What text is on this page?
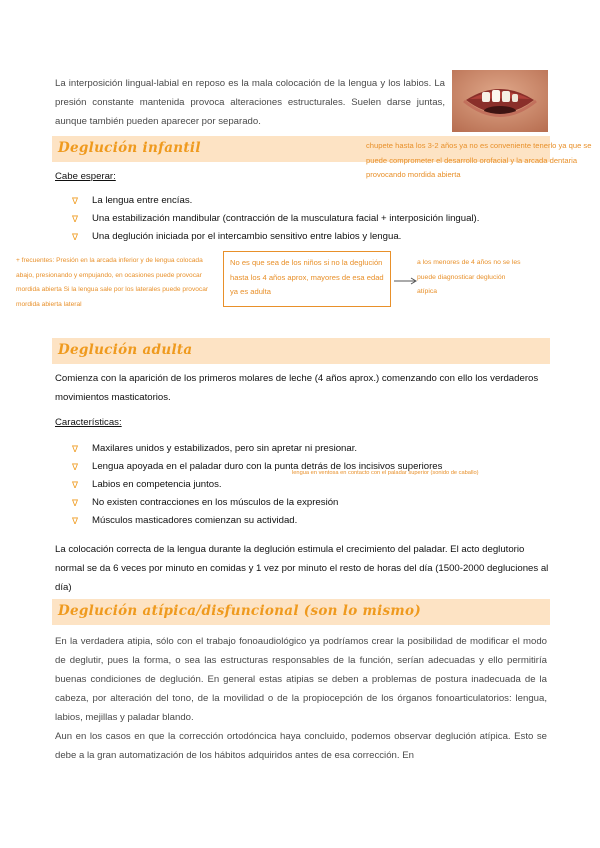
La interposición lingual-labial en reposo es la mala colocación de la lengua y los labios. La presión constante mantenida provoca alteraciones estructurales. Suelen darse juntas, aunque también pueden aparecer por separado.
Deglución infantil	chupete hasta los 3-2 años ya no es conveniente tenerlo ya que se puede comprometer el desarrollo orofacial y la arcada dentaria provocando mordida abierta
Cabe esperar:
∇ La lengua entre encías.
∇ Una estabilización mandibular (contracción de la musculatura facial + interposición lingual).
∇ Una deglución iniciada por el intercambio sensitivo entre labios y lengua.
+ frecuentes: Presión en la arcada inferior y de lengua colocada abajo, presionando y empujando, en ocasiones puede provocar mordida abierta Si la lengua sale por los laterales puede provocar mordida abierta lateral
No es que sea de los niños si no la deglución hasta los 4 años aprox, mayores de esa edad ya es adulta
a los menores de 4 años no se les puede diagnosticar deglución atípica
Deglución adulta
Comienza con la aparición de los primeros molares de leche (4 años aprox.) comenzando con ello los verdaderos movimientos masticatorios.
Características:
∇ Maxilares unidos y estabilizados, pero sin apretar ni presionar.
∇ Lengua apoyada en el paladar duro con la punta detrás de los incisivos superiores
∇ Labios en competencia juntos.
∇ No existen contracciones en los músculos de la expresión
∇ Músculos masticadores comienzan su actividad.
lengua en ventosa en contacto con el paladar superior (sonido de caballo)
La colocación correcta de la lengua durante la deglución estimula el crecimiento del paladar. El acto deglutorio normal se da 6 veces por minuto en comidas y 1 vez por minuto el resto de horas del día (1500-2000 degluciones al día)
Deglución atípica/disfuncional (son lo mismo)
En la verdadera atipia, sólo con el trabajo fonoaudiológico ya podríamos crear la posibilidad de modificar el modo de deglutir, pues la forma, o sea las estructuras responsables de la función, serían adecuadas y ello permitiría buenas condiciones de deglución. En general estas atipias se deben a problemas de postura inadecuada de la cabeza, por alteración del tono, de la movilidad o de la propiocepción de los órganos fonoarticulatorios: lengua, labios, mejillas y paladar blando.
Aun en los casos en que la corrección ortodóncica haya concluido, podemos observar deglución atípica. Esto se debe a la gran automatización de los hábitos adquiridos antes de esa corrección. En
